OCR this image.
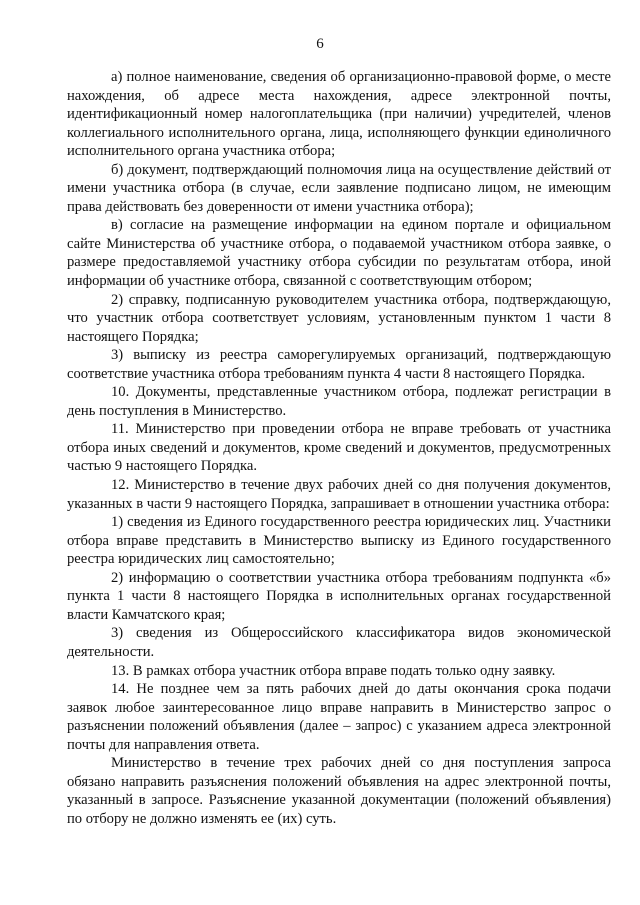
6

а) полное наименование, сведения об организационно-правовой форме, о месте нахождения, об адресе места нахождения, адресе электронной почты, идентификационный номер налогоплательщика (при наличии) учредителей, членов коллегиального исполнительного органа, лица, исполняющего функции единоличного исполнительного органа участника отбора;

б) документ, подтверждающий полномочия лица на осуществление действий от имени участника отбора (в случае, если заявление подписано лицом, не имеющим права действовать без доверенности от имени участника отбора);

в) согласие на размещение информации на едином портале и официальном сайте Министерства об участнике отбора, о подаваемой участником отбора заявке, о размере предоставляемой участнику отбора субсидии по результатам отбора, иной информации об участнике отбора, связанной с соответствующим отбором;

2) справку, подписанную руководителем участника отбора, подтверждающую, что участник отбора соответствует условиям, установленным пунктом 1 части 8 настоящего Порядка;

3) выписку из реестра саморегулируемых организаций, подтверждающую соответствие участника отбора требованиям пункта 4 части 8 настоящего Порядка.

10. Документы, представленные участником отбора, подлежат регистрации в день поступления в Министерство.

11. Министерство при проведении отбора не вправе требовать от участника отбора иных сведений и документов, кроме сведений и документов, предусмотренных частью 9 настоящего Порядка.

12. Министерство в течение двух рабочих дней со дня получения документов, указанных в части 9 настоящего Порядка, запрашивает в отношении участника отбора:

1) сведения из Единого государственного реестра юридических лиц. Участники отбора вправе представить в Министерство выписку из Единого государственного реестра юридических лиц самостоятельно;

2) информацию о соответствии участника отбора требованиям подпункта «б» пункта 1 части 8 настоящего Порядка в исполнительных органах государственной власти Камчатского края;

3) сведения из Общероссийского классификатора видов экономической деятельности.

13. В рамках отбора участник отбора вправе подать только одну заявку.

14. Не позднее чем за пять рабочих дней до даты окончания срока подачи заявок любое заинтересованное лицо вправе направить в Министерство запрос о разъяснении положений объявления (далее – запрос) с указанием адреса электронной почты для направления ответа.

Министерство в течение трех рабочих дней со дня поступления запроса обязано направить разъяснения положений объявления на адрес электронной почты, указанный в запросе. Разъяснение указанной документации (положений объявления) по отбору не должно изменять ее (их) суть.
